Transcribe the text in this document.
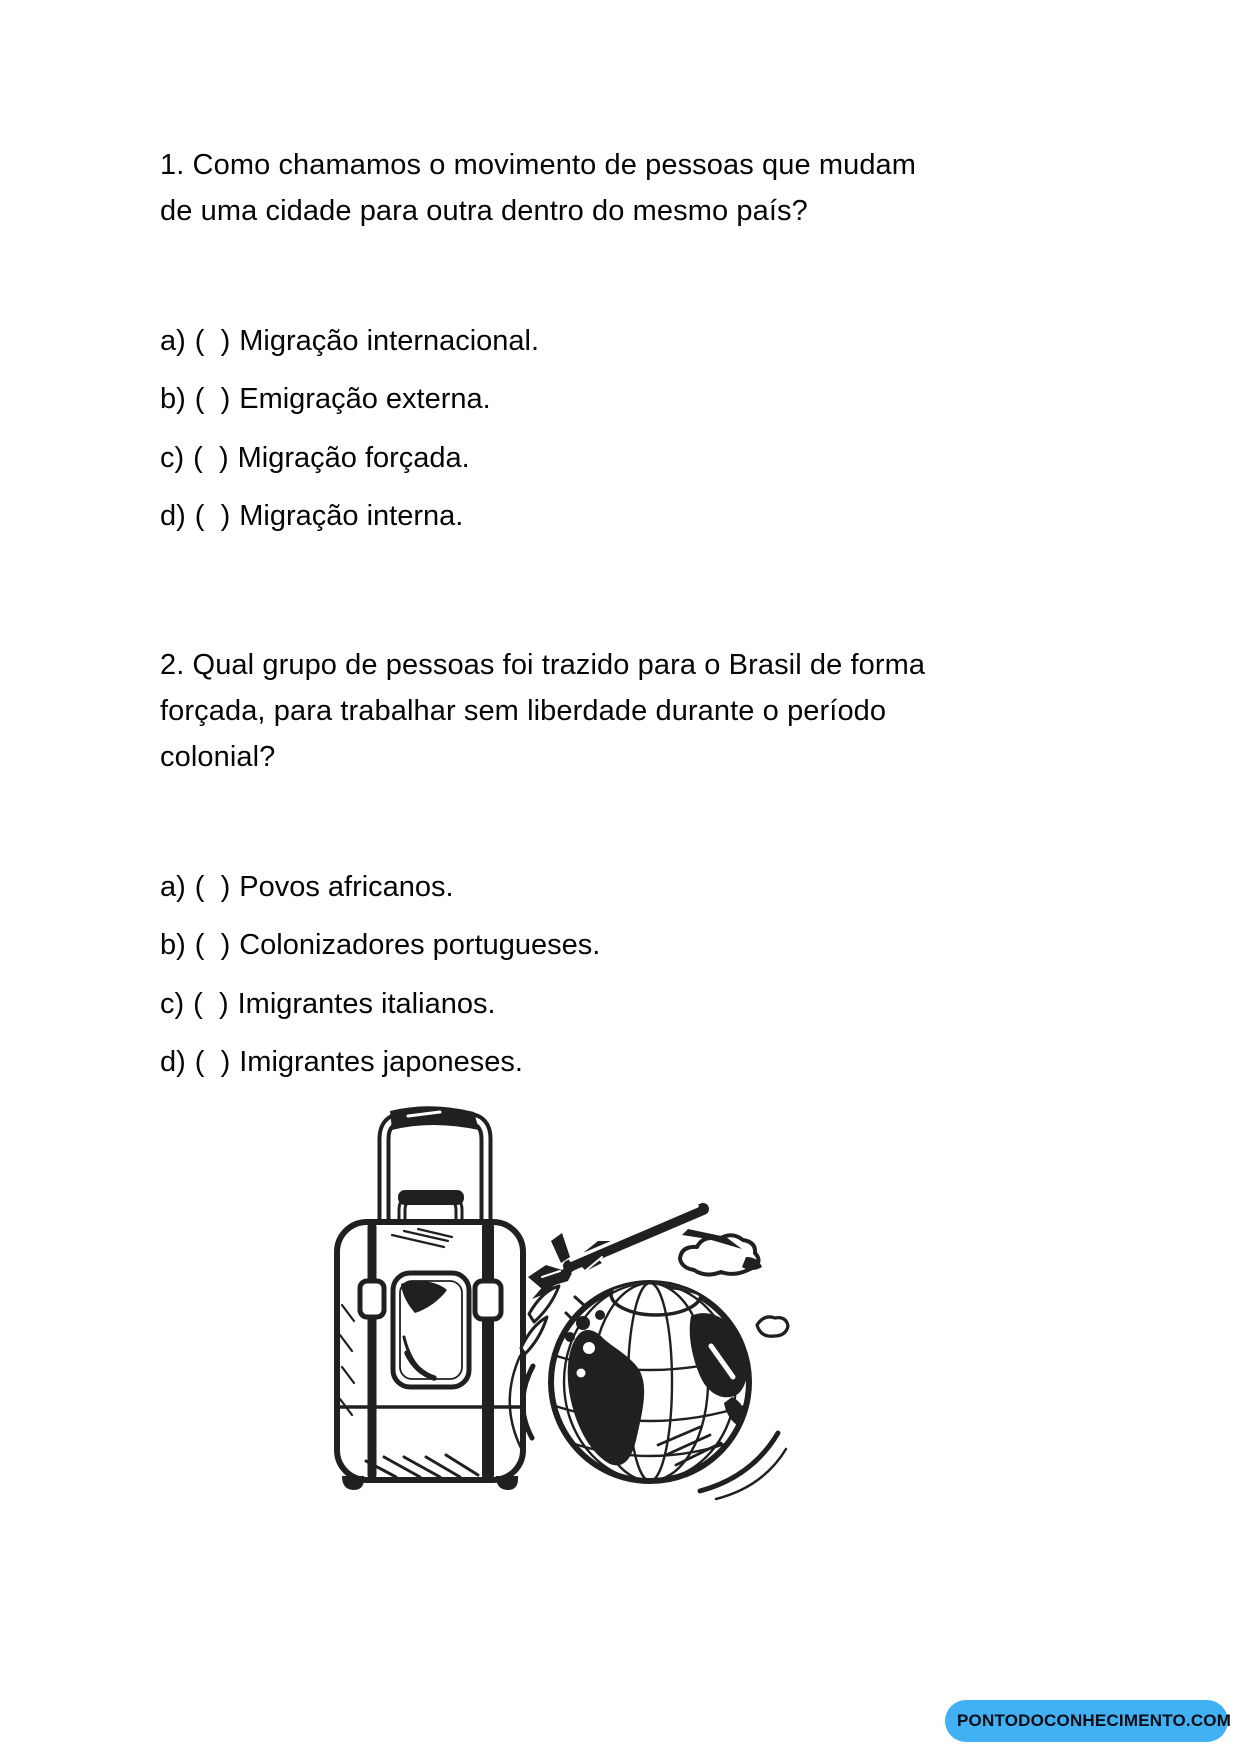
1. Como chamamos o movimento de pessoas que mudam
de uma cidade para outra dentro do mesmo país?
a) (  ) Migração internacional.
b) (  ) Emigração externa.
c) (  ) Migração forçada.
d) (  ) Migração interna.
2. Qual grupo de pessoas foi trazido para o Brasil de forma
forçada, para trabalhar sem liberdade durante o período
colonial?
a) (  ) Povos africanos.
b) (  ) Colonizadores portugueses.
c) (  ) Imigrantes italianos.
d) (  ) Imigrantes japoneses.
PONTODOCONHECIMENTO.COM
